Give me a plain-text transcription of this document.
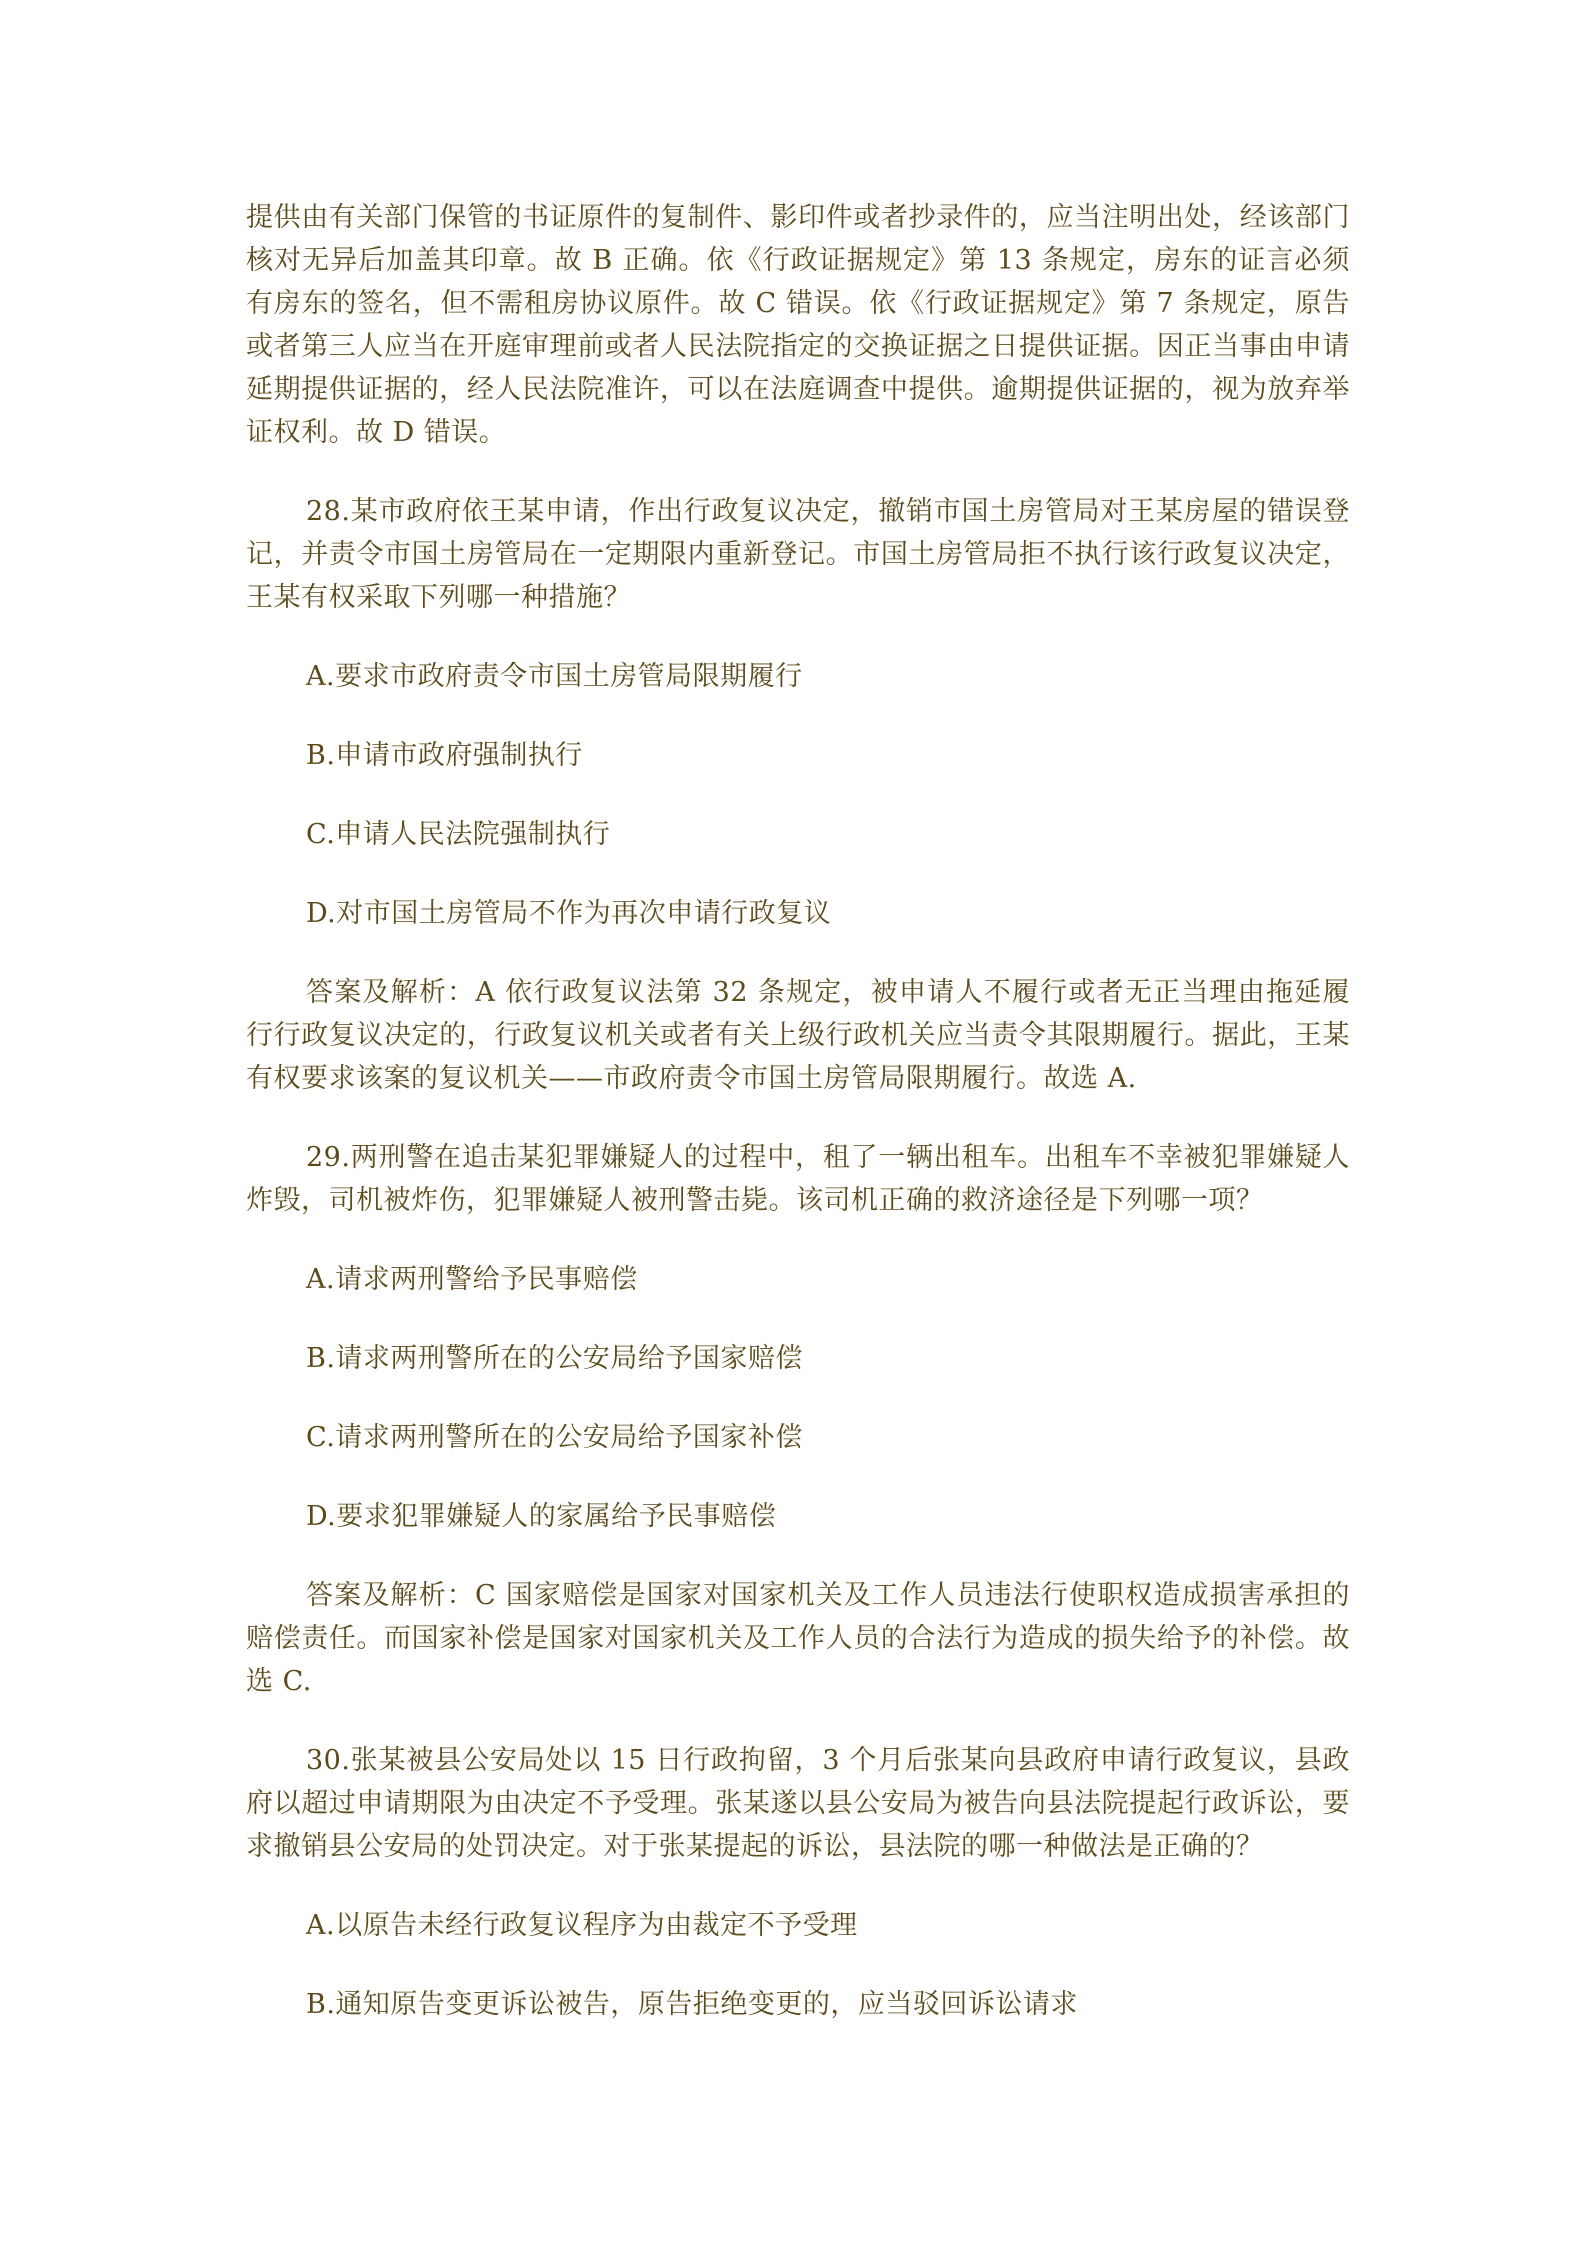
提供由有关部门保管的书证原件的复制件、影印件或者抄录件的，应当注明出处，经该部门核对无异后加盖其印章。故 B 正确。依《行政证据规定》第 13 条规定，房东的证言必须有房东的签名，但不需租房协议原件。故 C 错误。依《行政证据规定》第 7 条规定，原告或者第三人应当在开庭审理前或者人民法院指定的交换证据之日提供证据。因正当事由申请延期提供证据的，经人民法院准许，可以在法庭调查中提供。逾期提供证据的，视为放弃举证权利。故 D 错误。

28.某市政府依王某申请，作出行政复议决定，撤销市国土房管局对王某房屋的错误登记，并责令市国土房管局在一定期限内重新登记。市国土房管局拒不执行该行政复议决定，王某有权采取下列哪一种措施？

A.要求市政府责令市国土房管局限期履行

B.申请市政府强制执行

C.申请人民法院强制执行

D.对市国土房管局不作为再次申请行政复议

答案及解析：A 依行政复议法第 32 条规定，被申请人不履行或者无正当理由拖延履行行政复议决定的，行政复议机关或者有关上级行政机关应当责令其限期履行。据此，王某有权要求该案的复议机关——市政府责令市国土房管局限期履行。故选 A.

29.两刑警在追击某犯罪嫌疑人的过程中，租了一辆出租车。出租车不幸被犯罪嫌疑人炸毁，司机被炸伤，犯罪嫌疑人被刑警击毙。该司机正确的救济途径是下列哪一项？

A.请求两刑警给予民事赔偿

B.请求两刑警所在的公安局给予国家赔偿

C.请求两刑警所在的公安局给予国家补偿

D.要求犯罪嫌疑人的家属给予民事赔偿

答案及解析：C 国家赔偿是国家对国家机关及工作人员违法行使职权造成损害承担的赔偿责任。而国家补偿是国家对国家机关及工作人员的合法行为造成的损失给予的补偿。故选 C.

30.张某被县公安局处以 15 日行政拘留，3 个月后张某向县政府申请行政复议，县政府以超过申请期限为由决定不予受理。张某遂以县公安局为被告向县法院提起行政诉讼，要求撤销县公安局的处罚决定。对于张某提起的诉讼，县法院的哪一种做法是正确的？

A.以原告未经行政复议程序为由裁定不予受理

B.通知原告变更诉讼被告，原告拒绝变更的，应当驳回诉讼请求
